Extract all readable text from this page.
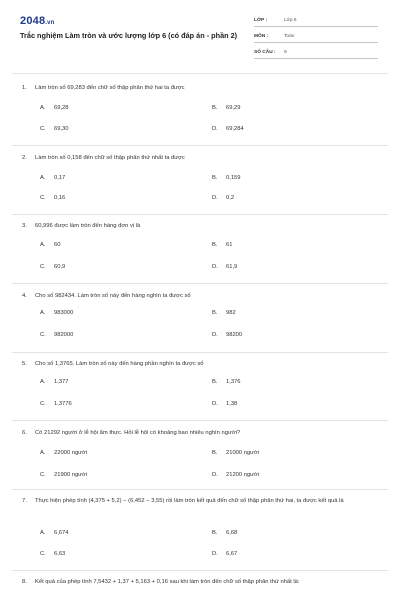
2048.vn
Trắc nghiệm Làm tròn và ước lượng lớp 6 (có đáp án - phần 2)
LỚP :	Lớp 6
MÔN :	Toán
SỐ CÂU : 9
1. Làm tròn số 69,283 đến chữ số thập phân thứ hai ta được
A. 69,28	B. 69,29
C. 69,30	D. 69,284
2. Làm tròn số 0,158 đến chữ số thập phân thứ nhất ta được
A. 0,17	B. 0,159
C. 0,16	D. 0,2
3. 60,996 được làm tròn đến hàng đơn vị là
A. 60	B. 61
C. 60,9	D. 61,9
4. Cho số 982434. Làm tròn số này đến hàng nghìn ta được số
A. 983000	B. 982
C. 982000	D. 98200
5. Cho số 1,3765. Làm tròn số này đến hàng phần nghìn ta được số
A. 1,377	B. 1,376
C. 1,3776	D. 1,38
6. Có 21292 người ở lễ hội ẩm thực. Hỏi lễ hội có khoảng bao nhiêu nghìn người?
A. 22000 người	B. 21000 người
C. 21900 người	D. 21200 người
7. Thực hiện phép tính (4,375 + 5,2) − (6,452 − 3,55) rồi làm tròn kết quả đến chữ số thập phân thứ hai, ta được kết quả là
A. 6,674	B. 6,68
C. 6,63	D. 6,67
8. Kết quả của phép tính 7,5432 + 1,37 + 5,163 + 0,16 sau khi làm tròn đến chữ số thập phân thứ nhất là:
